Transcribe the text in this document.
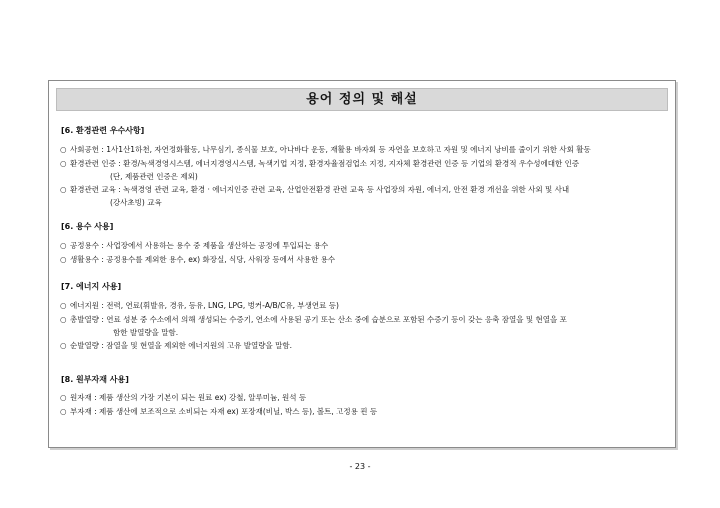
용어 정의 및 해설
[6. 환경관련 우수사항]
○ 사회공헌 : 1사1산1하천, 자연정화활동, 나무심기, 종식물 보호, 아나바다 운동, 재활용 바자회 등 자연을 보호하고 자원 및 에너지 낭비를 줄이기 위한 사회 활동
○ 환경관련 인증 : 환경/녹색경영시스템, 에너지경영시스템, 녹색기업 지정, 환경자율점검업소 지정, 지자체 환경관련 인증 등 기업의 환경적 우수성에대한 인증
(단, 제품관련 인증은 제외)
○ 환경관련 교육 : 녹색경영 관련 교육, 환경 · 에너지인증 관련 교육, 산업안전환경 관련 교육 등 사업장의 자원, 에너지, 안전 환경 개선을 위한 사외 및 사내
(강사초빙) 교육
[6. 용수 사용]
○ 공정용수 : 사업장에서 사용하는 용수 중 제품을 생산하는 공정에 투입되는 용수
○ 생활용수 : 공정용수를 제외한 용수, ex) 화장실, 식당, 사워장 등에서 사용한 용수
[7. 에너지 사용]
○ 에너지원 : 전력, 연료(휘발유, 경유, 등유, LNG, LPG, 벙커-A/B/C유, 부생연료 등)
○ 총발열량 : 연료 성분 중 수소에서 의해 생성되는 수증기, 연소에 사용된 공기 또는 산소 중에 습분으로 포함된 수증기 등이 갖는 응축 잠열을 및 현열을 포
함한 발열량을 말함.
○ 순발열량 : 잠열을 및 현열을 제외한 에너지원의 고유 발열량을 말함.
[8. 원부자재 사용]
○ 원자재 : 제품 생산의 가장 기본이 되는 원료 ex) 강철, 알루미늄, 원석 등
○ 부자재 : 제품 생산에 보조적으로 소비되는 자재 ex) 포장재(비닐, 박스 등), 볼트, 고정용 핀 등
- 23 -
